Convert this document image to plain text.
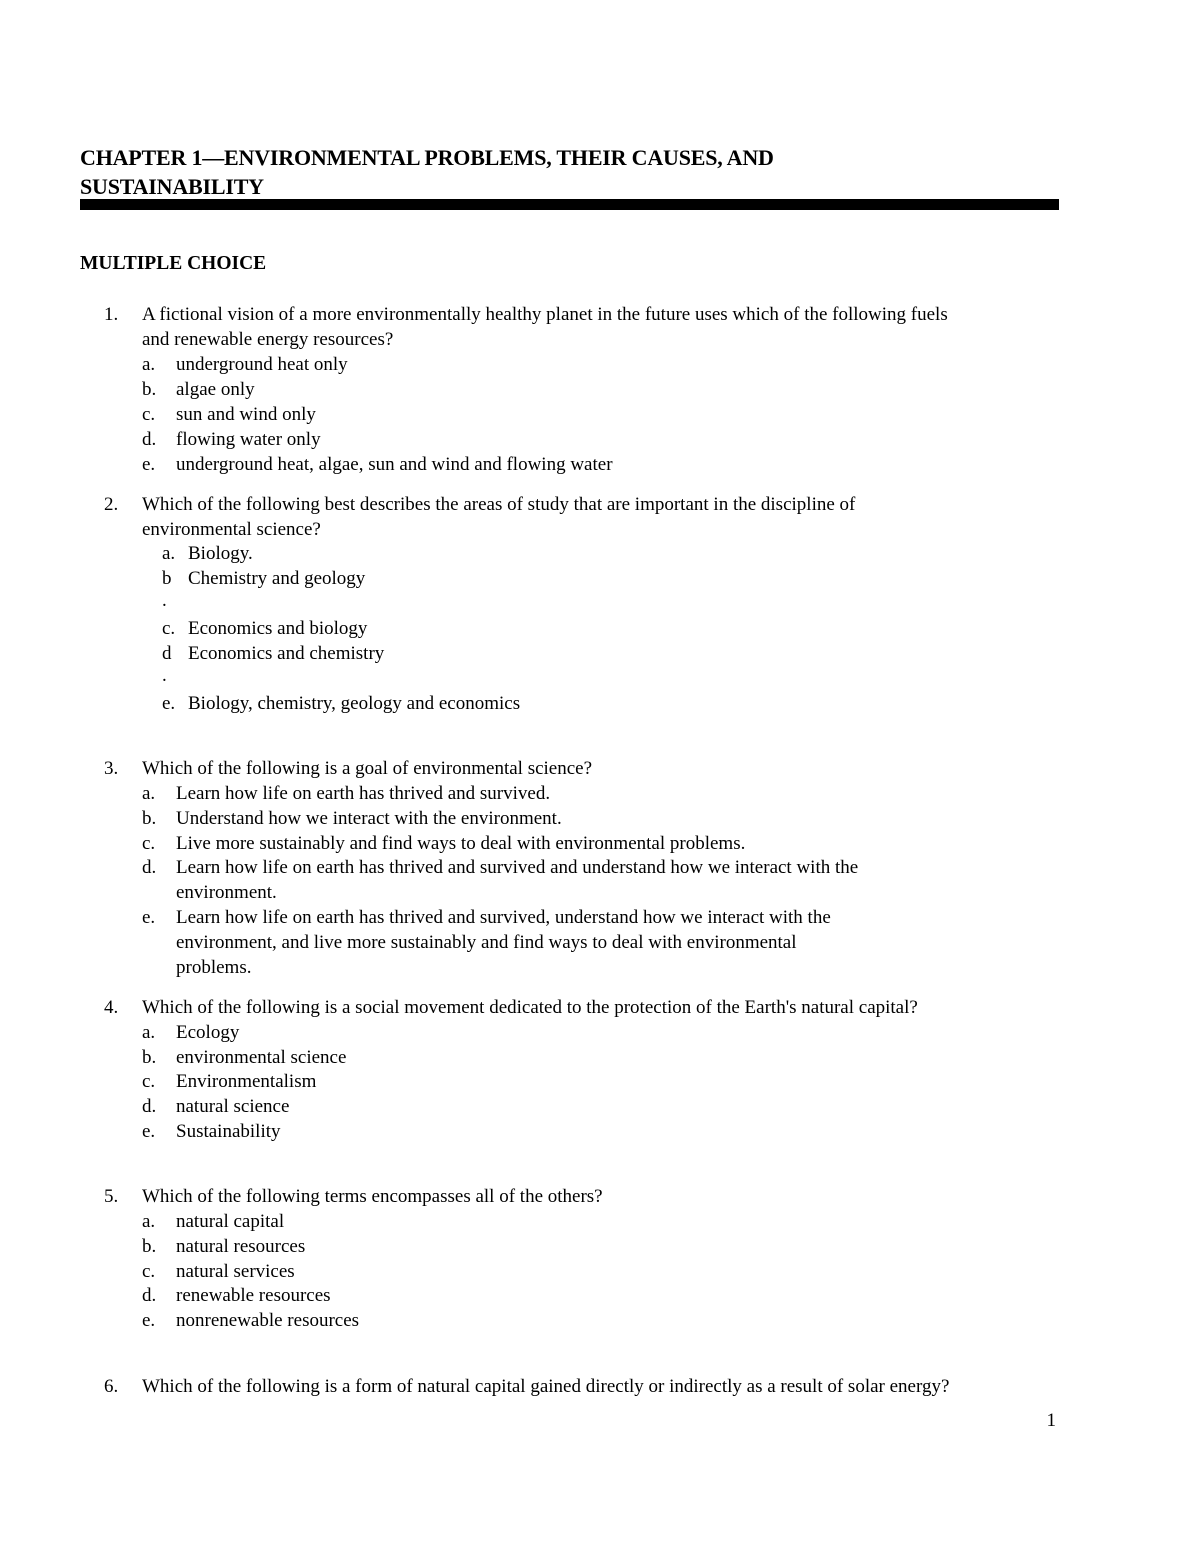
CHAPTER 1—ENVIRONMENTAL PROBLEMS, THEIR CAUSES, AND
SUSTAINABILITY
MULTIPLE CHOICE
1. A fictional vision of a more environmentally healthy planet in the future uses which of the following fuels
and renewable energy resources?
a. underground heat only
b. algae only
c. sun and wind only
d. flowing water only
e. underground heat, algae, sun and wind and flowing water
2. Which of the following best describes the areas of study that are important in the discipline of
environmental science?
a. Biology.
b Chemistry and geology
.
c. Economics and biology
d Economics and chemistry
.
e. Biology, chemistry, geology and economics
3. Which of the following is a goal of environmental science?
a. Learn how life on earth has thrived and survived.
b. Understand how we interact with the environment.
c. Live more sustainably and find ways to deal with environmental problems.
d. Learn how life on earth has thrived and survived and understand how we interact with the
environment.
e. Learn how life on earth has thrived and survived, understand how we interact with the
environment, and live more sustainably and find ways to deal with environmental
problems.
4. Which of the following is a social movement dedicated to the protection of the Earth's natural capital?
a. Ecology
b. environmental science
c. Environmentalism
d. natural science
e. Sustainability
5. Which of the following terms encompasses all of the others?
a. natural capital
b. natural resources
c. natural services
d. renewable resources
e. nonrenewable resources
6. Which of the following is a form of natural capital gained directly or indirectly as a result of solar energy?
1
